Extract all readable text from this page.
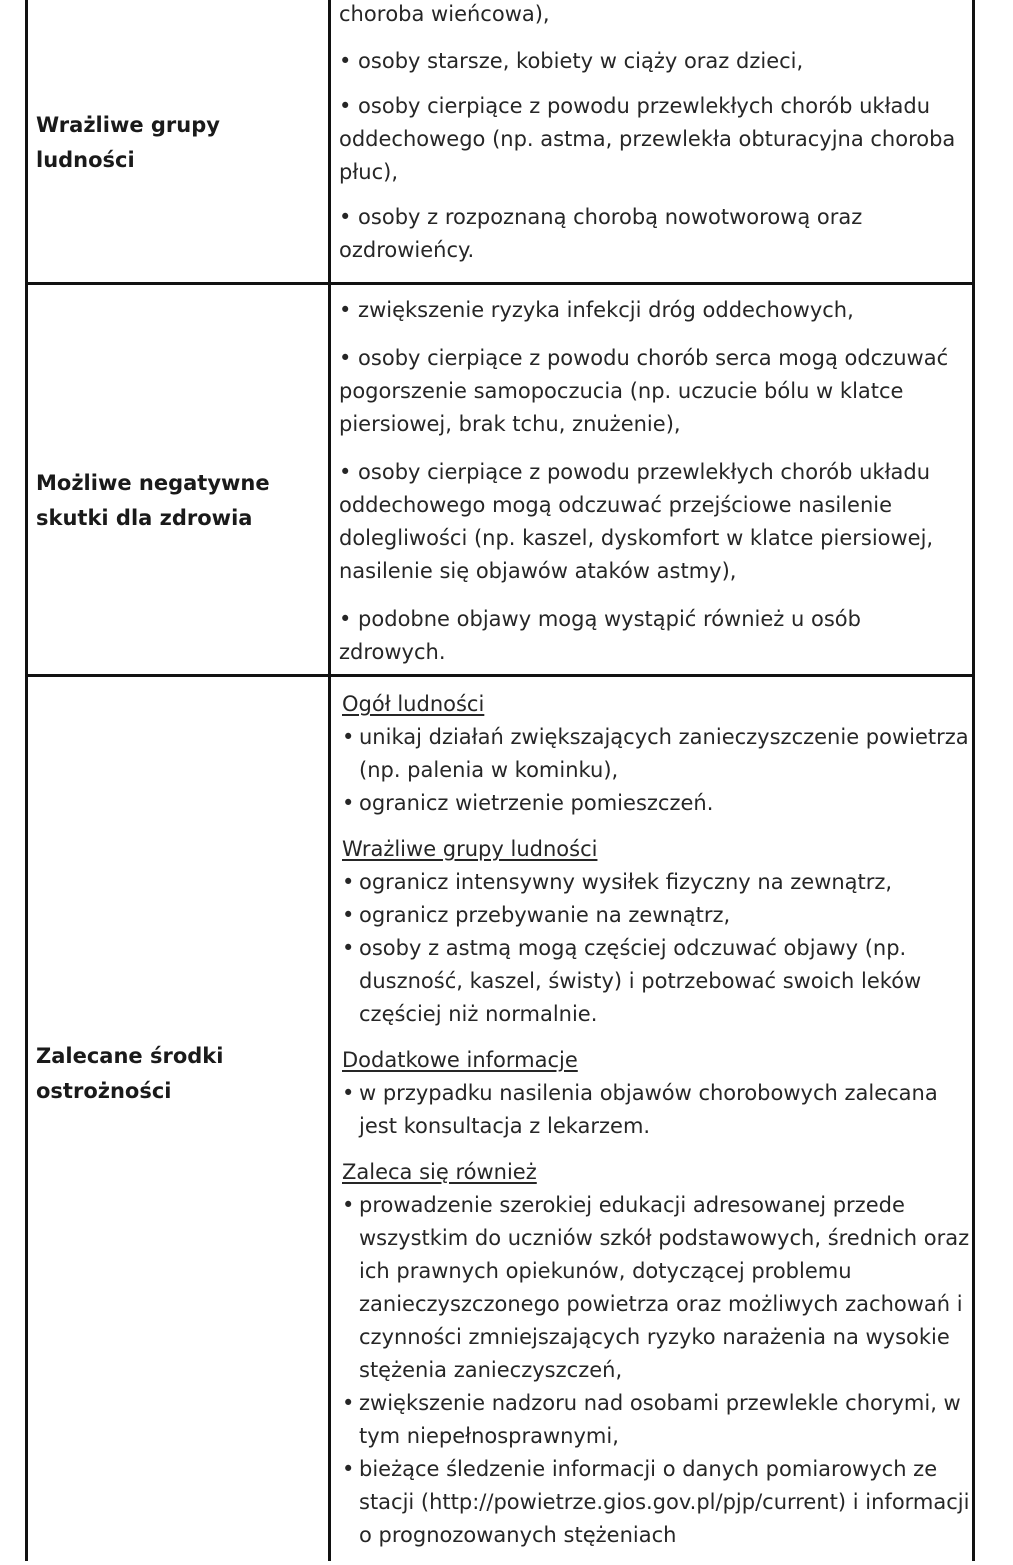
Wrażliwe grupy ludności

chorоba wieńcowa),

• osoby starsze, kobiety w ciąży oraz dzieci,

• osoby cierpiące z powodu przewlekłych chorób układu oddechowego (np. astma, przewlekła obturacyjna choroba płuc),

• osoby z rozpoznaną chorobą nowotworową oraz ozdrowieńcy.

Możliwe negatywne skutki dla zdrowia

• zwiększenie ryzyka infekcji dróg oddechowych,

• osoby cierpiące z powodu chorób serca mogą odczuwać pogorszenie samopoczucia (np. uczucie bólu w klatce piersiowej, brak tchu, znużenie),

• osoby cierpiące z powodu przewlekłych chorób układu oddechowego mogą odczuwać przejściowe nasilenie dolegliwości (np. kaszel, dyskomfort w klatce piersiowej, nasilenie się objawów ataków astmy),

• podobne objawy mogą wystąpić również u osób zdrowych.

Zalecane środki ostrożności

Ogół ludności

• unikaj działań zwiększających zanieczyszczenie powietrza (np. palenia w kominku),
• ogranicz wietrzenie pomieszczeń.

Wrażliwe grupy ludności

• ogranicz intensywny wysiłek fizyczny na zewnątrz,
• ogranicz przebywanie na zewnątrz,
• osoby z astmą mogą częściej odczuwać objawy (np. duszność, kaszel, świsty) i potrzebować swoich leków częściej niż normalnie.

Dodatkowe informacje

• w przypadku nasilenia objawów chorobowych zalecana jest konsultacja z lekarzem.

Zaleca się również

• prowadzenie szerokiej edukacji adresowanej przede wszystkim do uczniów szkół podstawowych, średnich oraz ich prawnych opiekunów, dotyczącej problemu zanieczyszczonego powietrza oraz możliwych zachowań i czynności zmniejszających ryzyko narażenia na wysokie stężenia zanieczyszczeń,
• zwiększenie nadzoru nad osobami przewlekle chorymi, w tym niepełnosprawnymi,
• bieżące śledzenie informacji o danych pomiarowych ze stacji (http://powietrze.gios.gov.pl/pjp/current) i informacji o prognozowanych stężeniach
